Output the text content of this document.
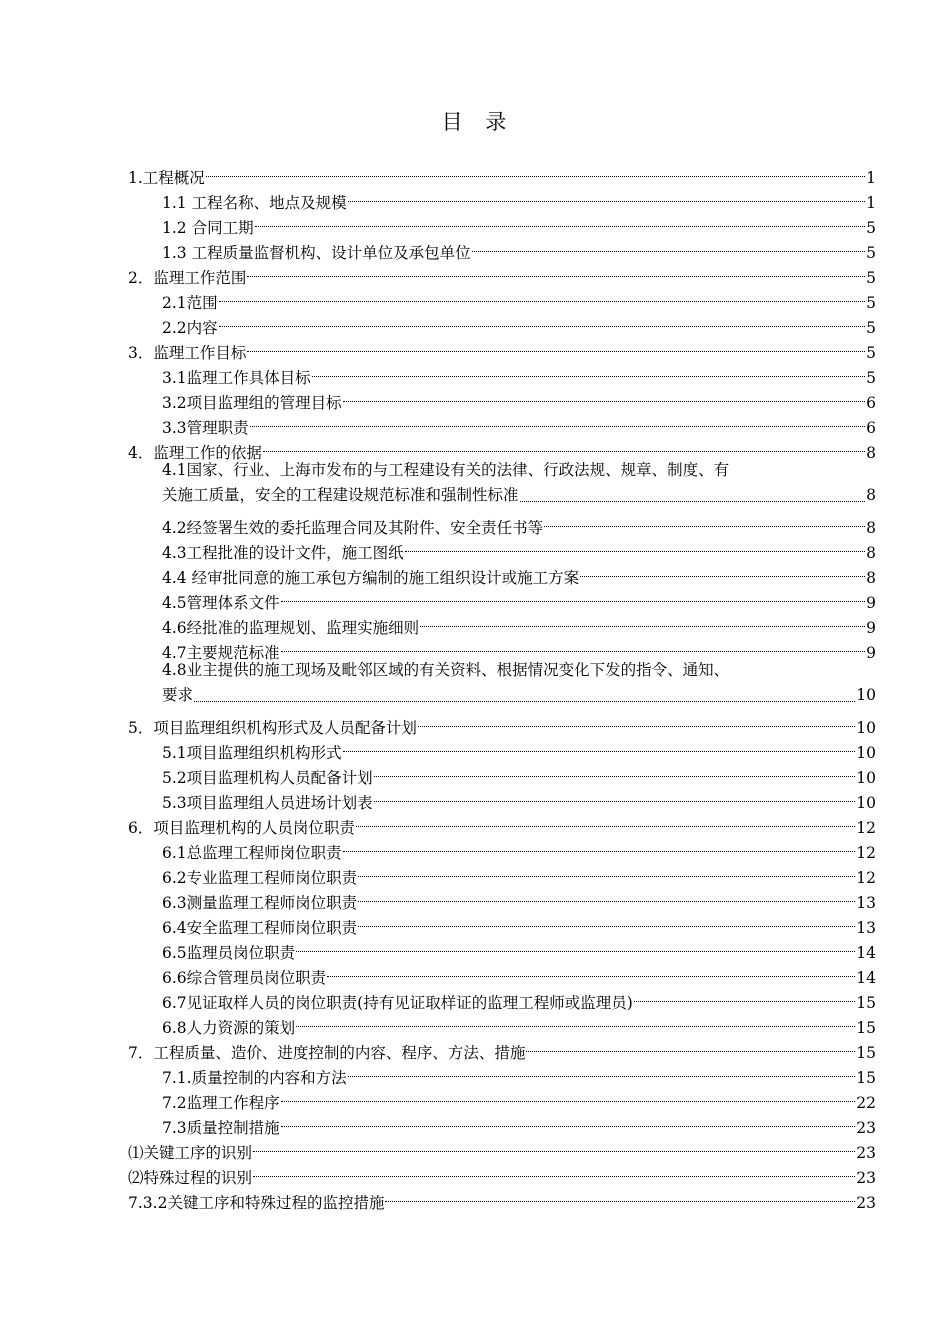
目 录
1.工程概况	1
1.1 工程名称、地点及规模	1
1.2 合同工期	5
1.3 工程质量监督机构、设计单位及承包单位	5
2．监理工作范围	5
2.1范围	5
2.2内容	5
3．监理工作目标	5
3.1监理工作具体目标	5
3.2项目监理组的管理目标	6
3.3管理职责	6
4．监理工作的依据	8
4.1国家、行业、上海市发布的与工程建设有关的法律、行政法规、规章、制度、有
关施工质量，安全的工程建设规范标准和强制性标准	8
4.2经签署生效的委托监理合同及其附件、安全责任书等	8
4.3工程批准的设计文件，施工图纸	8
4.4 经审批同意的施工承包方编制的施工组织设计或施工方案	8
4.5管理体系文件	9
4.6经批准的监理规划、监理实施细则	9
4.7主要规范标准	9
4.8业主提供的施工现场及毗邻区域的有关资料、根据情况变化下发的指令、通知、
要求	10
5．项目监理组织机构形式及人员配备计划	10
5.1项目监理组织机构形式	10
5.2项目监理机构人员配备计划	10
5.3项目监理组人员进场计划表	10
6．项目监理机构的人员岗位职责	12
6.1总监理工程师岗位职责	12
6.2专业监理工程师岗位职责	12
6.3测量监理工程师岗位职责	13
6.4安全监理工程师岗位职责	13
6.5监理员岗位职责	14
6.6综合管理员岗位职责	14
6.7见证取样人员的岗位职责(持有见证取样证的监理工程师或监理员)	15
6.8人力资源的策划	15
7．工程质量、造价、进度控制的内容、程序、方法、措施	15
7.1.质量控制的内容和方法	15
7.2监理工作程序	22
7.3质量控制措施	23
⑴关键工序的识别	23
⑵特殊过程的识别	23
7.3.2关键工序和特殊过程的监控措施	23
